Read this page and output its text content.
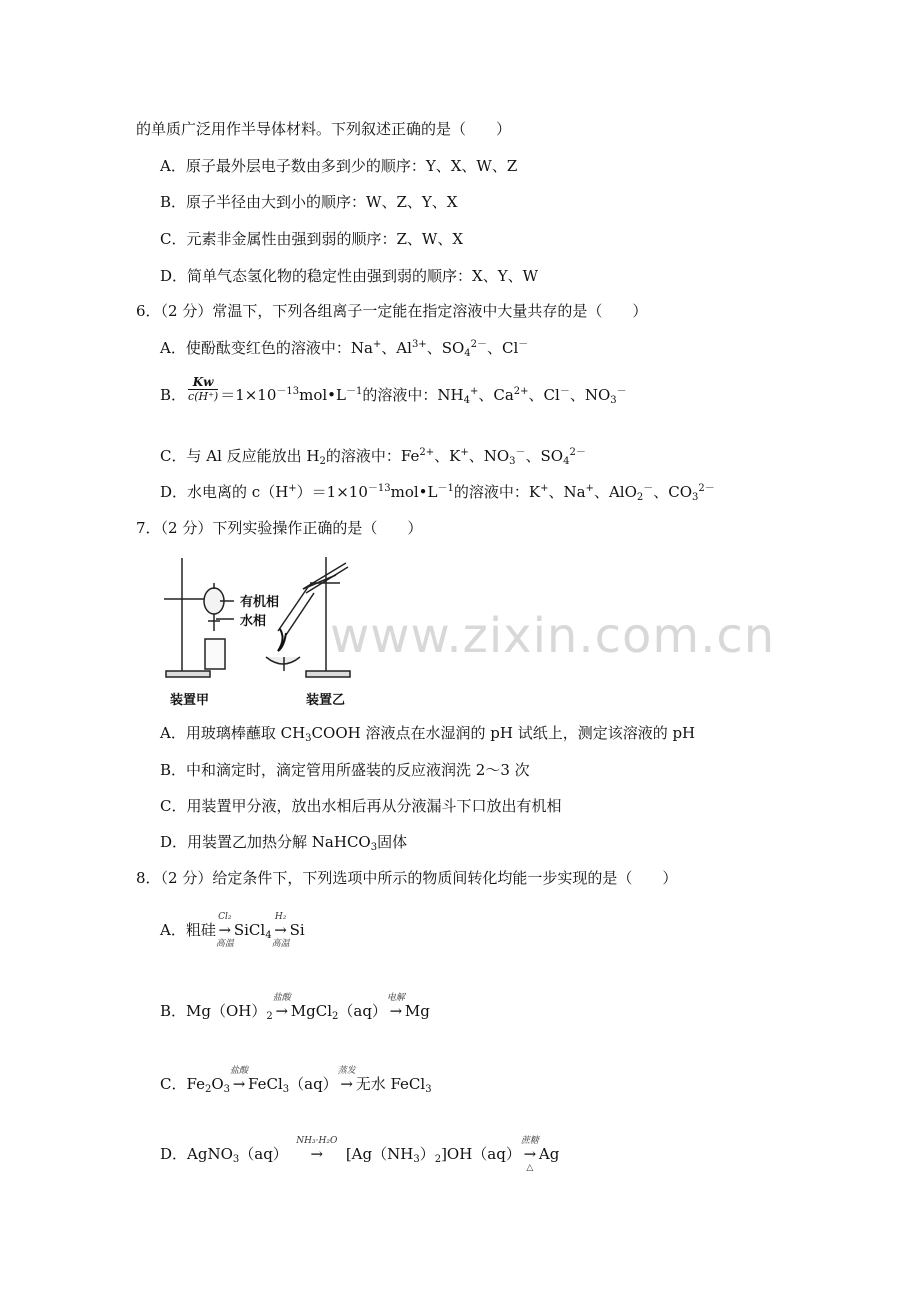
的单质广泛用作半导体材料。下列叙述正确的是（　　）
A．原子最外层电子数由多到少的顺序：Y、X、W、Z
B．原子半径由大到小的顺序：W、Z、Y、X
C．元素非金属性由强到弱的顺序：Z、W、X
D．简单气态氢化物的稳定性由强到弱的顺序：X、Y、W
6．（2 分）常温下，下列各组离子一定能在指定溶液中大量共存的是（　　）
A．使酚酞变红色的溶液中：Na+、$Al^{3+}$、$SO_4^{2-}$、Cl－
B． $\frac{Kw}{c(H^+)}$ $=1\times 10^{-13}mol•L^{-1}$的溶液中：$NH_4^+$、$Ca^{2+}$、Cl－、$NO_3^-$
C．与 Al 反应能放出 $H_2$的溶液中：$Fe^{2+}$、K+、$NO_3^-$、$SO_4^{2-}$
D．水电离的 $c(H^+)=1\times 10^{-13}mol•L^{-1}$的溶液中：K+、Na+、AlO$_2$－、$CO_3^{2-}$
7．（2 分）下列实验操作正确的是（　　）
有机相
水相
装置甲	装置乙
www.zixin.com.cn
A．用玻璃棒蘸取 $CH_3COOH$ 溶液点在水湿润的 pH 试纸上，测定该溶液的 pH
B．中和滴定时，滴定管用所盛装的反应液润洗 2～3 次
C．用装置甲分液，放出水相后再从分液漏斗下口放出有机相
D．用装置乙加热分解 NaHCO$_3$固体
8．（2 分）给定条件下，下列选项中所示的物质间转化均能一步实现的是（　　）
A．粗硅
Cl₂
→
高温
SiCl$_4$
H₂
→
高温
Si
B．$Mg(OH)_2$
盐酸
→ MgCl$_2$（aq）
电解
→ Mg
C．$Fe_2O_3$
盐酸
→ FeCl$_3$（aq）
蒸发
→ 无水 FeCl$_3$
D．AgNO$_3$（aq）
NH₃·H₂O
→ $[Ag(NH_3)_2]OH(aq)$
蔗糖
→
△
Ag
